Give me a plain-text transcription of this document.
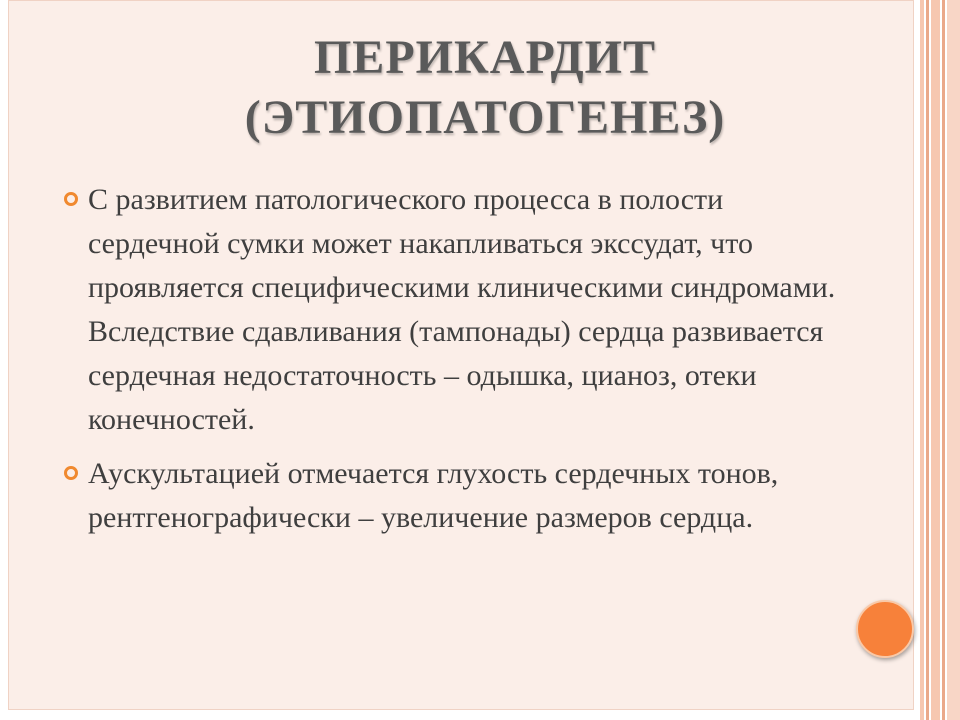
ПЕРИКАРДИТ
(ЭТИОПАТОГЕНЕЗ)
С развитием патологического процесса в полости сердечной сумки может накапливаться экссудат, что проявляется специфическими клиническими синдромами. Вследствие сдавливания (тампонады) сердца развивается сердечная недостаточность – одышка, цианоз, отеки конечностей.
Аускультацией отмечается глухость сердечных тонов, рентгенографически – увеличение размеров сердца.
